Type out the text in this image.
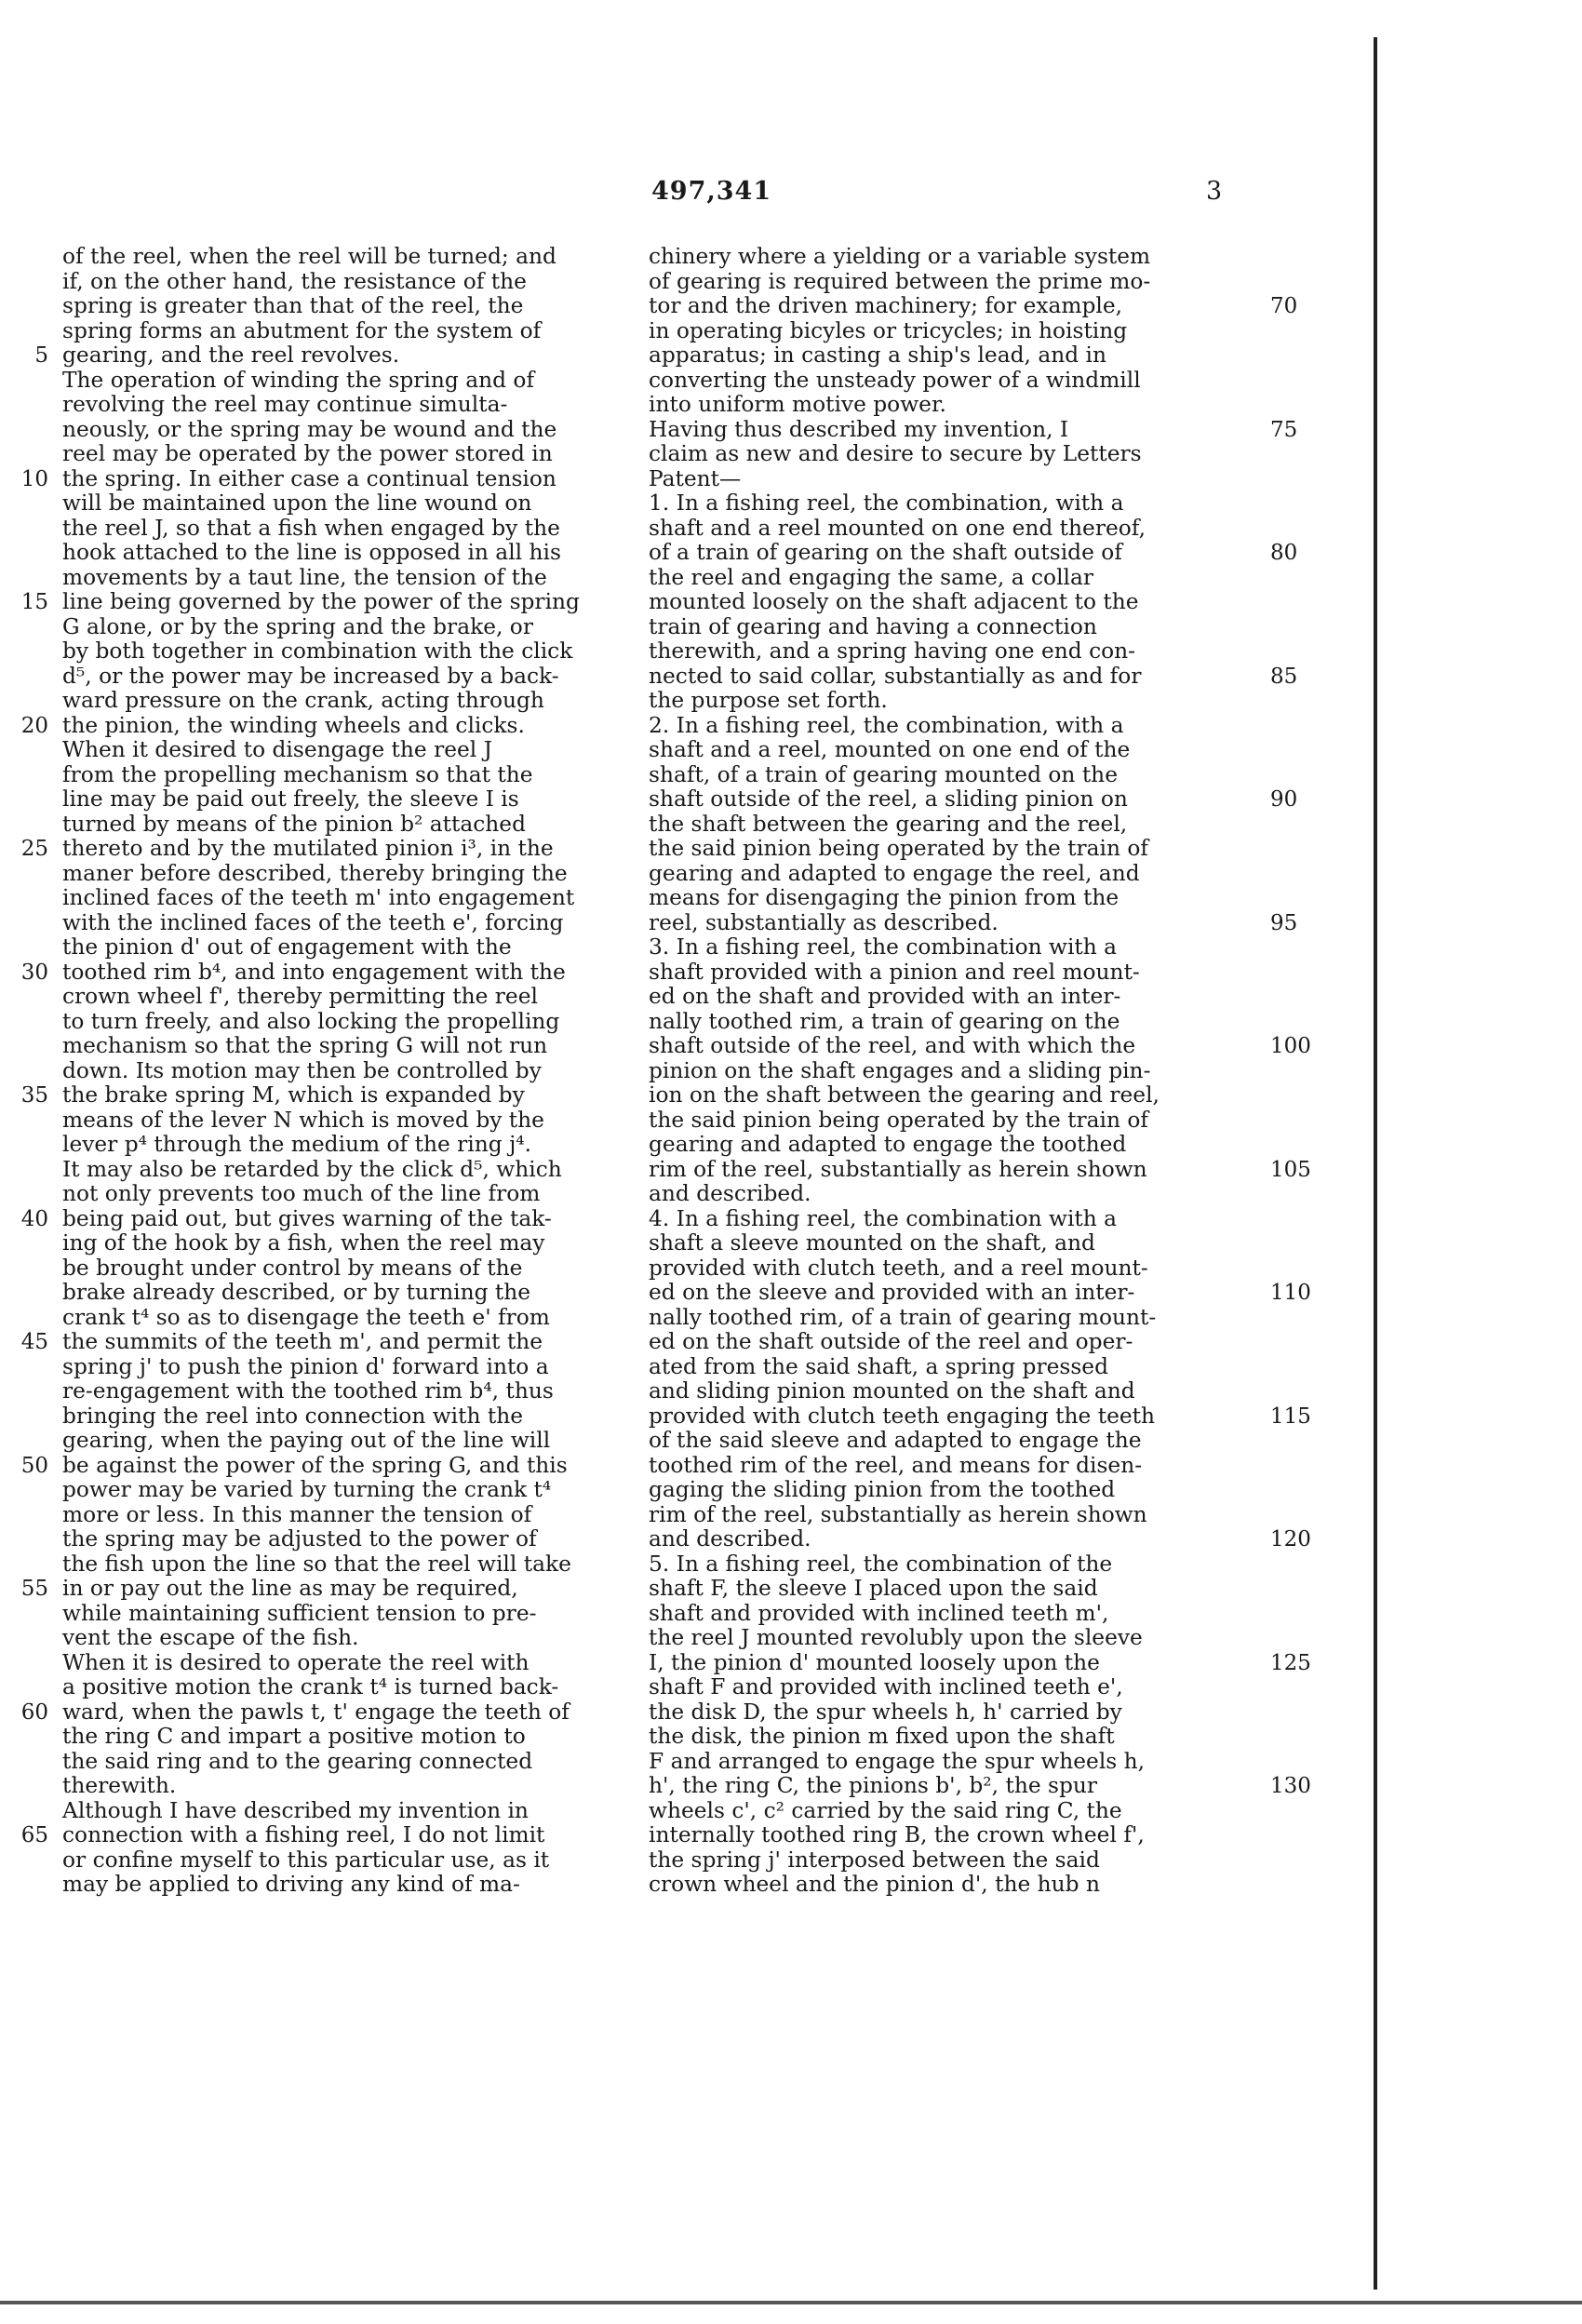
497,341	3
of the reel, when the reel will be turned; and
if, on the other hand, the resistance of the
spring is greater than that of the reel, the
spring forms an abutment for the system of
gearing, and the reel revolves.
5
The operation of winding the spring and of
revolving the reel may continue simulta-
neously, or the spring may be wound and the
reel may be operated by the power stored in
the spring. In either case a continual tension
10
will be maintained upon the line wound on
the reel J, so that a fish when engaged by the
hook attached to the line is opposed in all his
movements by a taut line, the tension of the
line being governed by the power of the spring
15
G alone, or by the spring and the brake, or
by both together in combination with the click
d⁵, or the power may be increased by a back-
ward pressure on the crank, acting through
the pinion, the winding wheels and clicks.
20
When it desired to disengage the reel J
from the propelling mechanism so that the
line may be paid out freely, the sleeve I is
turned by means of the pinion b² attached
thereto and by the mutilated pinion i³, in the
25
maner before described, thereby bringing the
inclined faces of the teeth m' into engagement
with the inclined faces of the teeth e', forcing
the pinion d' out of engagement with the
toothed rim b⁴, and into engagement with the
30
crown wheel f', thereby permitting the reel
to turn freely, and also locking the propelling
mechanism so that the spring G will not run
down. Its motion may then be controlled by
the brake spring M, which is expanded by
35
means of the lever N which is moved by the
lever p⁴ through the medium of the ring j⁴.
It may also be retarded by the click d⁵, which
not only prevents too much of the line from
being paid out, but gives warning of the tak-
40
ing of the hook by a fish, when the reel may
be brought under control by means of the
brake already described, or by turning the
crank t⁴ so as to disengage the teeth e' from
the summits of the teeth m', and permit the
45
spring j' to push the pinion d' forward into a
re-engagement with the toothed rim b⁴, thus
bringing the reel into connection with the
gearing, when the paying out of the line will
be against the power of the spring G, and this
50
power may be varied by turning the crank t⁴
more or less. In this manner the tension of
the spring may be adjusted to the power of
the fish upon the line so that the reel will take
in or pay out the line as may be required,
55
while maintaining sufficient tension to pre-
vent the escape of the fish.
When it is desired to operate the reel with
a positive motion the crank t⁴ is turned back-
ward, when the pawls t, t' engage the teeth of
60
the ring C and impart a positive motion to
the said ring and to the gearing connected
therewith.
Although I have described my invention in
connection with a fishing reel, I do not limit
65
or confine myself to this particular use, as it
may be applied to driving any kind of ma-
chinery where a yielding or a variable system
of gearing is required between the prime mo-
tor and the driven machinery; for example,	70
in operating bicyles or tricycles; in hoisting
apparatus; in casting a ship's lead, and in
converting the unsteady power of a windmill
into uniform motive power.
Having thus described my invention, I	75
claim as new and desire to secure by Letters
Patent—
1. In a fishing reel, the combination, with a
shaft and a reel mounted on one end thereof,
of a train of gearing on the shaft outside of	80
the reel and engaging the same, a collar
mounted loosely on the shaft adjacent to the
train of gearing and having a connection
therewith, and a spring having one end con-
nected to said collar, substantially as and for	85
the purpose set forth.
2. In a fishing reel, the combination, with a
shaft and a reel, mounted on one end of the
shaft, of a train of gearing mounted on the
shaft outside of the reel, a sliding pinion on	90
the shaft between the gearing and the reel,
the said pinion being operated by the train of
gearing and adapted to engage the reel, and
means for disengaging the pinion from the
reel, substantially as described.	95
3. In a fishing reel, the combination with a
shaft provided with a pinion and reel mount-
ed on the shaft and provided with an inter-
nally toothed rim, a train of gearing on the
shaft outside of the reel, and with which the	100
pinion on the shaft engages and a sliding pin-
ion on the shaft between the gearing and reel,
the said pinion being operated by the train of
gearing and adapted to engage the toothed
rim of the reel, substantially as herein shown	105
and described.
4. In a fishing reel, the combination with a
shaft a sleeve mounted on the shaft, and
provided with clutch teeth, and a reel mount-
ed on the sleeve and provided with an inter-	110
nally toothed rim, of a train of gearing mount-
ed on the shaft outside of the reel and oper-
ated from the said shaft, a spring pressed
and sliding pinion mounted on the shaft and
provided with clutch teeth engaging the teeth	115
of the said sleeve and adapted to engage the
toothed rim of the reel, and means for disen-
gaging the sliding pinion from the toothed
rim of the reel, substantially as herein shown
and described.	120
5. In a fishing reel, the combination of the
shaft F, the sleeve I placed upon the said
shaft and provided with inclined teeth m',
the reel J mounted revolubly upon the sleeve
I, the pinion d' mounted loosely upon the	125
shaft F and provided with inclined teeth e',
the disk D, the spur wheels h, h' carried by
the disk, the pinion m fixed upon the shaft
F and arranged to engage the spur wheels h,
h', the ring C, the pinions b', b², the spur	130
wheels c', c² carried by the said ring C, the
internally toothed ring B, the crown wheel f',
the spring j' interposed between the said
crown wheel and the pinion d', the hub n
